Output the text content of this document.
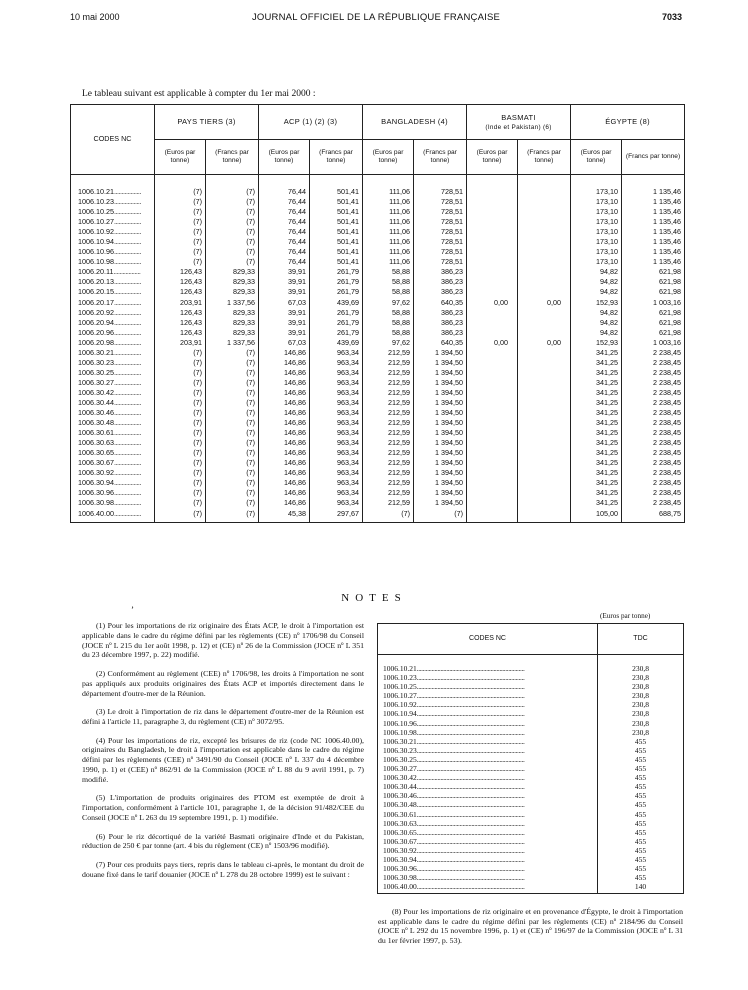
10 mai 2000	JOURNAL OFFICIEL DE LA RÉPUBLIQUE FRANÇAISE	7033
Le tableau suivant est applicable à compter du 1er mai 2000 :
CODES NC	PAYS TIERS (3)		ACP (1) (2) (3)		BANGLADESH (4)		BASMATI
(Inde et Pakistan) (6)		ÉGYPTE (8)	
	(Euros par tonne)	(Francs par tonne)	(Euros par tonne)	(Francs par tonne)	(Euros par tonne)	(Francs par tonne)	(Euros par tonne)	(Francs par tonne)	(Euros par tonne)	(Francs par tonne)

1006.10.21..................	(7)	(7)	76,44	501,41	111,06	728,51			173,10	1 135,46
1006.10.23..................	(7)	(7)	76,44	501,41	111,06	728,51			173,10	1 135,46
1006.10.25..................	(7)	(7)	76,44	501,41	111,06	728,51			173,10	1 135,46
1006.10.27..................	(7)	(7)	76,44	501,41	111,06	728,51			173,10	1 135,46
1006.10.92..................	(7)	(7)	76,44	501,41	111,06	728,51			173,10	1 135,46
1006.10.94..................	(7)	(7)	76,44	501,41	111,06	728,51			173,10	1 135,46
1006.10.96..................	(7)	(7)	76,44	501,41	111,06	728,51			173,10	1 135,46
1006.10.98..................	(7)	(7)	76,44	501,41	111,06	728,51			173,10	1 135,46
1006.20.11..................	126,43	829,33	39,91	261,79	58,88	386,23			94,82	621,98
1006.20.13..................	126,43	829,33	39,91	261,79	58,88	386,23			94,82	621,98
1006.20.15..................	126,43	829,33	39,91	261,79	58,88	386,23			94,82	621,98
1006.20.17..................	203,91	1 337,56	67,03	439,69	97,62	640,35	0,00	0,00	152,93	1 003,16
1006.20.92..................	126,43	829,33	39,91	261,79	58,88	386,23			94,82	621,98
1006.20.94..................	126,43	829,33	39,91	261,79	58,88	386,23			94,82	621,98
1006.20.96..................	126,43	829,33	39,91	261,79	58,88	386,23			94,82	621,98
1006.20.98..................	203,91	1 337,56	67,03	439,69	97,62	640,35	0,00	0,00	152,93	1 003,16
1006.30.21..................	(7)	(7)	146,86	963,34	212,59	1 394,50			341,25	2 238,45
1006.30.23..................	(7)	(7)	146,86	963,34	212,59	1 394,50			341,25	2 238,45
1006.30.25..................	(7)	(7)	146,86	963,34	212,59	1 394,50			341,25	2 238,45
1006.30.27..................	(7)	(7)	146,86	963,34	212,59	1 394,50			341,25	2 238,45
1006.30.42..................	(7)	(7)	146,86	963,34	212,59	1 394,50			341,25	2 238,45
1006.30.44..................	(7)	(7)	146,86	963,34	212,59	1 394,50			341,25	2 238,45
1006.30.46..................	(7)	(7)	146,86	963,34	212,59	1 394,50			341,25	2 238,45
1006.30.48..................	(7)	(7)	146,86	963,34	212,59	1 394,50			341,25	2 238,45
1006.30.61..................	(7)	(7)	146,86	963,34	212,59	1 394,50			341,25	2 238,45
1006.30.63..................	(7)	(7)	146,86	963,34	212,59	1 394,50			341,25	2 238,45
1006.30.65..................	(7)	(7)	146,86	963,34	212,59	1 394,50			341,25	2 238,45
1006.30.67..................	(7)	(7)	146,86	963,34	212,59	1 394,50			341,25	2 238,45
1006.30.92..................	(7)	(7)	146,86	963,34	212,59	1 394,50			341,25	2 238,45
1006.30.94..................	(7)	(7)	146,86	963,34	212,59	1 394,50			341,25	2 238,45
1006.30.96..................	(7)	(7)	146,86	963,34	212,59	1 394,50			341,25	2 238,45
1006.30.98..................	(7)	(7)	146,86	963,34	212,59	1 394,50			341,25	2 238,45
1006.40.00..................	(7)	(7)	45,38	297,67	(7)	(7)			105,00	688,75
NOTES
’

(1) Pour les importations de riz originaire des États ACP, le droit à l'importation est applicable dans le cadre du régime défini par les règlements (CE) nº 1706/98 du Conseil (JOCE nº L 215 du 1er août 1998, p. 12) et (CE) nº 26 de la Commission (JOCE nº L 351 du 23 décembre 1997, p. 22) modifié.

(2) Conformément au règlement (CEE) nº 1706/98, les droits à l'importation ne sont pas appliqués aux produits originaires des États ACP et importés directement dans le département d'outre-mer de la Réunion.

(3) Le droit à l'importation de riz dans le département d'outre-mer de la Réunion est défini à l'article 11, paragraphe 3, du règlement (CE) nº 3072/95.

(4) Pour les importations de riz, excepté les brisures de riz (code NC 1006.40.00), originaires du Bangladesh, le droit à l'importation est applicable dans le cadre du régime défini par les règlements (CEE) nº 3491/90 du Conseil (JOCE nº L 337 du 4 décembre 1990, p. 1) et (CEE) nº 862/91 de la Commission (JOCE nº L 88 du 9 avril 1991, p. 7) modifié.

(5) L'importation de produits originaires des PTOM est exemptée de droit à l'importation, conformément à l'article 101, paragraphe 1, de la décision 91/482/CEE du Conseil (JOCE nº L 263 du 19 septembre 1991, p. 1) modifiée.

(6) Pour le riz décortiqué de la variété Basmati originaire d'Inde et du Pakistan, réduction de 250 € par tonne (art. 4 bis du règlement (CE) nº 1503/96 modifié).

(7) Pour ces produits pays tiers, repris dans le tableau ci-après, le montant du droit de douane fixé dans le tarif douanier (JOCE nº L 278 du 28 octobre 1999) est le suivant :

(Euros par tonne)
CODES NC	TDC

1006.10.21.........................................................................	230,8
1006.10.23.........................................................................	230,8
1006.10.25.........................................................................	230,8
1006.10.27.........................................................................	230,8
1006.10.92.........................................................................	230,8
1006.10.94.........................................................................	230,8
1006.10.96.........................................................................	230,8
1006.10.98.........................................................................	230,8
1006.30.21.........................................................................	455
1006.30.23.........................................................................	455
1006.30.25.........................................................................	455
1006.30.27.........................................................................	455
1006.30.42.........................................................................	455
1006.30.44.........................................................................	455
1006.30.46.........................................................................	455
1006.30.48.........................................................................	455
1006.30.61.........................................................................	455
1006.30.63.........................................................................	455
1006.30.65.........................................................................	455
1006.30.67.........................................................................	455
1006.30.92.........................................................................	455
1006.30.94.........................................................................	455
1006.30.96.........................................................................	455
1006.30.98.........................................................................	455
1006.40.00.........................................................................	140

(8) Pour les importations de riz originaire et en provenance d'Égypte, le droit à l'importation est applicable dans le cadre du régime défini par les règlements (CE) nº 2184/96 du Conseil (JOCE nº L 292 du 15 novembre 1996, p. 1) et (CE) nº 196/97 de la Commission (JOCE nº L 31 du 1er février 1997, p. 53).
